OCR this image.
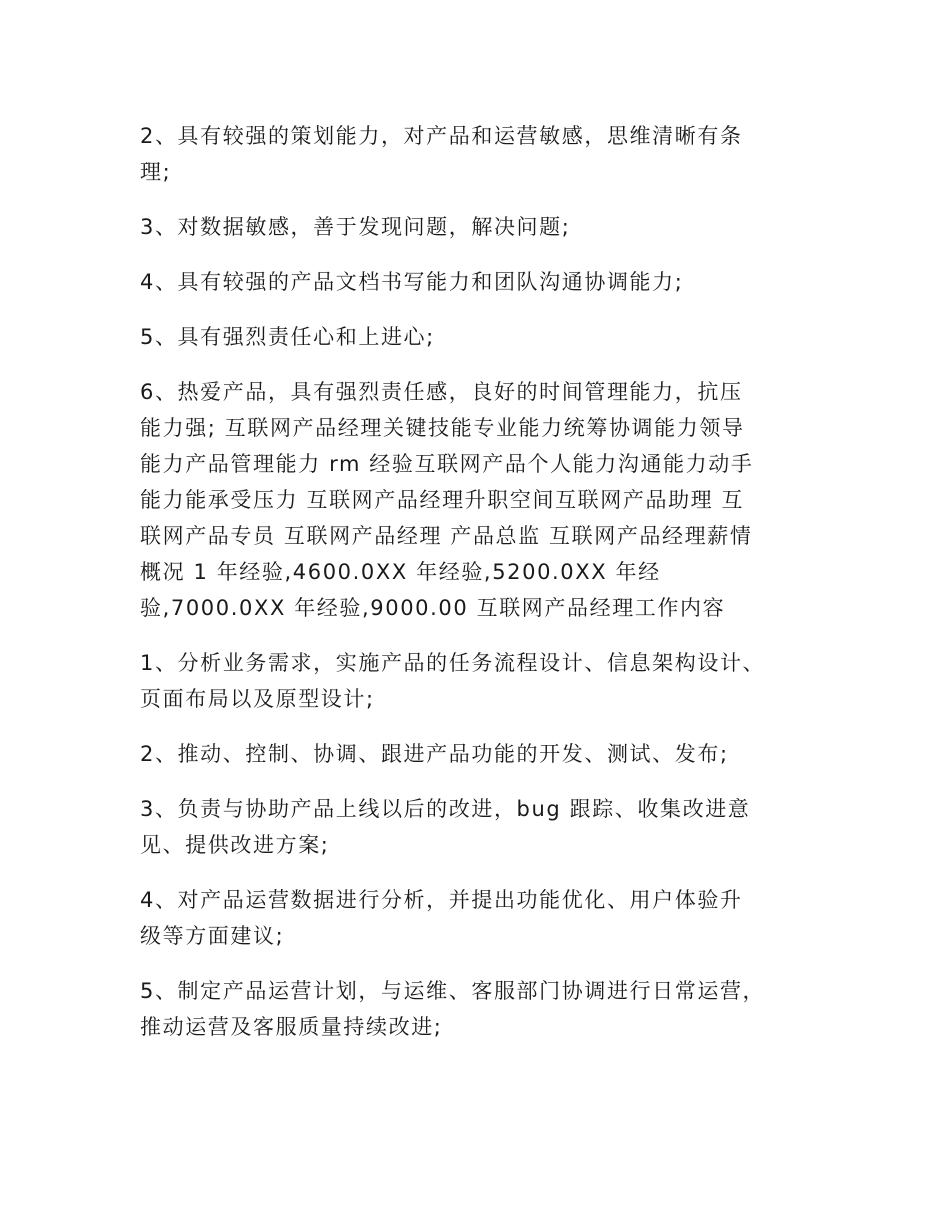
2、具有较强的策划能力，对产品和运营敏感，思维清晰有条
理;

3、对数据敏感，善于发现问题，解决问题;

4、具有较强的产品文档书写能力和团队沟通协调能力;

5、具有强烈责任心和上进心;

6、热爱产品，具有强烈责任感，良好的时间管理能力，抗压
能力强; 互联网产品经理关键技能专业能力统筹协调能力领导
能力产品管理能力 rm 经验互联网产品个人能力沟通能力动手
能力能承受压力 互联网产品经理升职空间互联网产品助理 互
联网产品专员 互联网产品经理 产品总监 互联网产品经理薪情
概况 1 年经验,4600.0XX 年经验,5200.0XX 年经
验,7000.0XX 年经验,9000.00 互联网产品经理工作内容

1、分析业务需求，实施产品的任务流程设计、信息架构设计、
页面布局以及原型设计;

2、推动、控制、协调、跟进产品功能的开发、测试、发布;

3、负责与协助产品上线以后的改进，bug 跟踪、收集改进意
见、提供改进方案;

4、对产品运营数据进行分析，并提出功能优化、用户体验升
级等方面建议;

5、制定产品运营计划，与运维、客服部门协调进行日常运营，
推动运营及客服质量持续改进;
